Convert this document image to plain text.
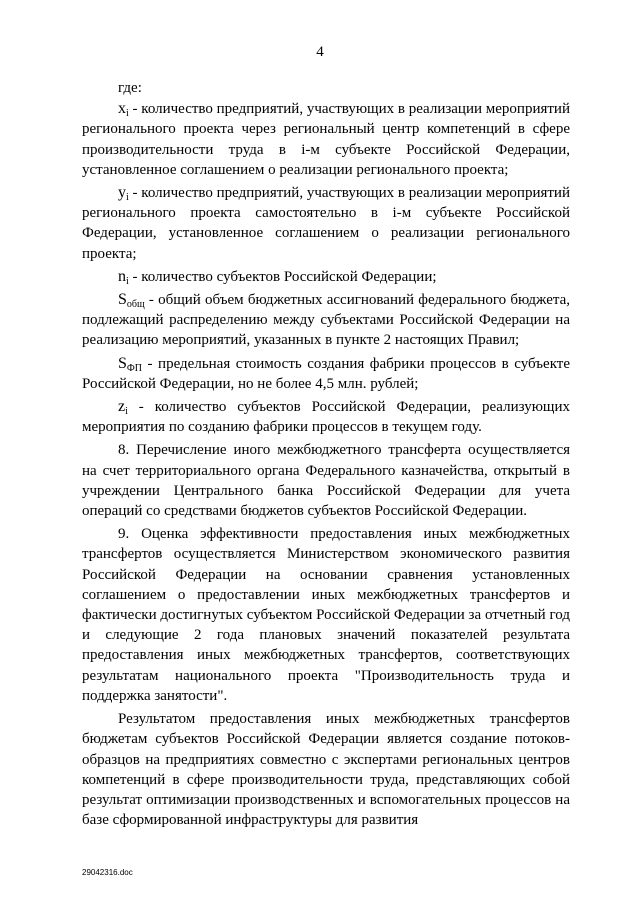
4

где:

$x_i$ - количество предприятий, участвующих в реализации мероприятий регионального проекта через региональный центр компетенций в сфере производительности труда в i-м субъекте Российской Федерации, установленное соглашением о реализации регионального проекта;

$y_i$ - количество предприятий, участвующих в реализации мероприятий регионального проекта самостоятельно в i-м субъекте Российской Федерации, установленное соглашением о реализации регионального проекта;

$n_i$ - количество субъектов Российской Федерации;

$S_{общ}$ - общий объем бюджетных ассигнований федерального бюджета, подлежащий распределению между субъектами Российской Федерации на реализацию мероприятий, указанных в пункте 2 настоящих Правил;

$S_{ФП}$ - предельная стоимость создания фабрики процессов в субъекте Российской Федерации, но не более 4,5 млн. рублей;

$z_i$ - количество субъектов Российской Федерации, реализующих мероприятия по созданию фабрики процессов в текущем году.

8. Перечисление иного межбюджетного трансферта осуществляется на счет территориального органа Федерального казначейства, открытый в учреждении Центрального банка Российской Федерации для учета операций со средствами бюджетов субъектов Российской Федерации.

9. Оценка эффективности предоставления иных межбюджетных трансфертов осуществляется Министерством экономического развития Российской Федерации на основании сравнения установленных соглашением о предоставлении иных межбюджетных трансфертов и фактически достигнутых субъектом Российской Федерации за отчетный год и следующие 2 года плановых значений показателей результата предоставления иных межбюджетных трансфертов, соответствующих результатам национального проекта "Производительность труда и поддержка занятости".

Результатом предоставления иных межбюджетных трансфертов бюджетам субъектов Российской Федерации является создание потоков-образцов на предприятиях совместно с экспертами региональных центров компетенций в сфере производительности труда, представляющих собой результат оптимизации производственных и вспомогательных процессов на базе сформированной инфраструктуры для развития

29042316.doc
